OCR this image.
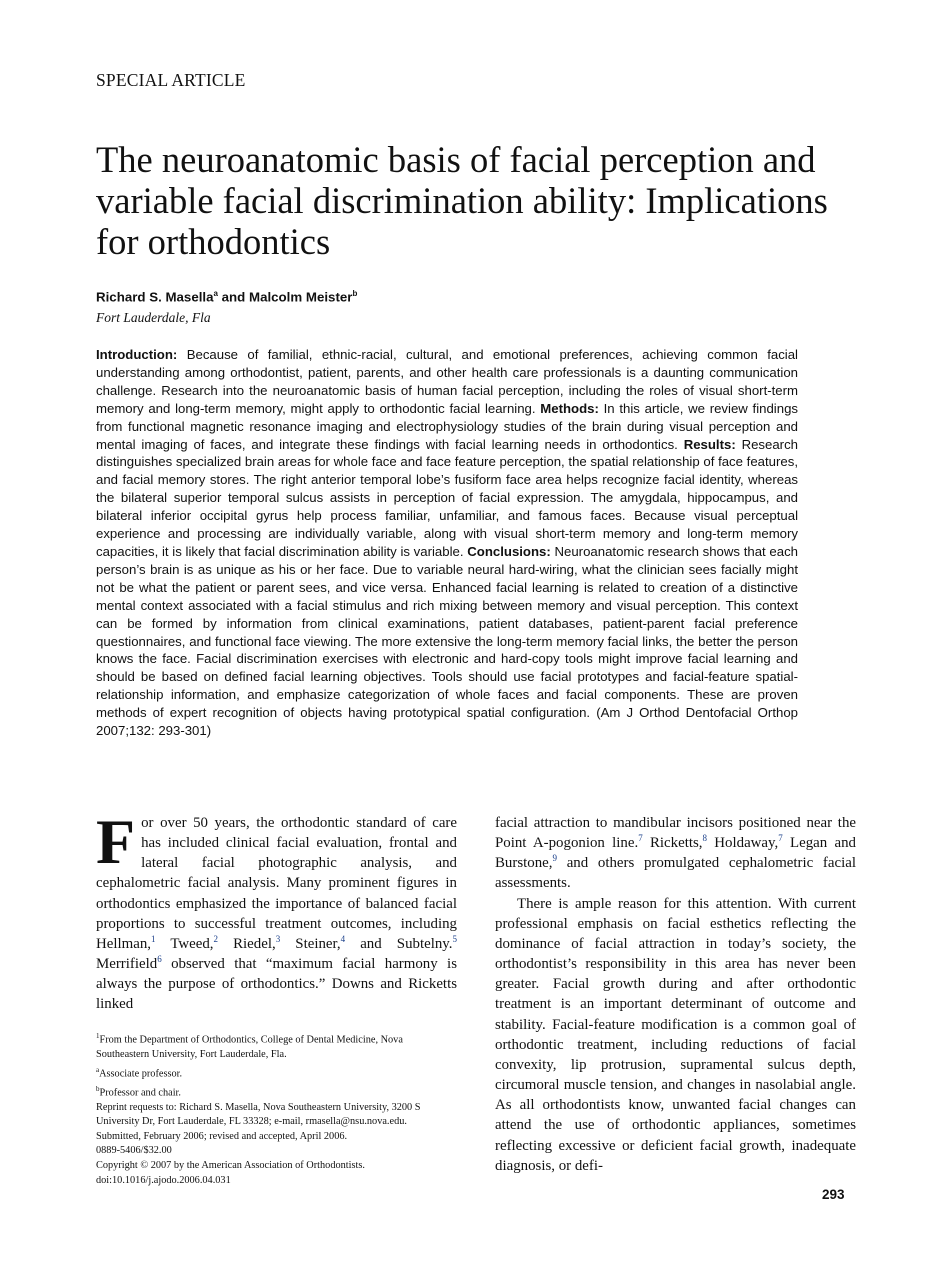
SPECIAL ARTICLE
The neuroanatomic basis of facial perception and variable facial discrimination ability: Implications for orthodontics
Richard S. Masella$^a$ and Malcolm Meister$^b$
Fort Lauderdale, Fla

Introduction: Because of familial, ethnic-racial, cultural, and emotional preferences, achieving common facial understanding among orthodontist, patient, parents, and other health care professionals is a daunting communication challenge. Research into the neuroanatomic basis of human facial perception, including the roles of visual short-term memory and long-term memory, might apply to orthodontic facial learning. Methods: In this article, we review findings from functional magnetic resonance imaging and electrophysiology studies of the brain during visual perception and mental imaging of faces, and integrate these findings with facial learning needs in orthodontics. Results: Research distinguishes specialized brain areas for whole face and face feature perception, the spatial relationship of face features, and facial memory stores. The right anterior temporal lobe’s fusiform face area helps recognize facial identity, whereas the bilateral superior temporal sulcus assists in perception of facial expression. The amygdala, hippocampus, and bilateral inferior occipital gyrus help process familiar, unfamiliar, and famous faces. Because visual perceptual experience and processing are individually variable, along with visual short-term memory and long-term memory capacities, it is likely that facial discrimination ability is variable. Conclusions: Neuroanatomic research shows that each person’s brain is as unique as his or her face. Due to variable neural hard-wiring, what the clinician sees facially might not be what the patient or parent sees, and vice versa. Enhanced facial learning is related to creation of a distinctive mental context associated with a facial stimulus and rich mixing between memory and visual perception. This context can be formed by information from clinical examinations, patient databases, patient-parent facial preference questionnaires, and functional face viewing. The more extensive the long-term memory facial links, the better the person knows the face. Facial discrimination exercises with electronic and hard-copy tools might improve facial learning and should be based on defined facial learning objectives. Tools should use facial prototypes and facial-feature spatial-relationship information, and emphasize categorization of whole faces and facial components. These are proven methods of expert recognition of objects having prototypical spatial configuration. (Am J Orthod Dentofacial Orthop 2007;132: 293-301)

For over 50 years, the orthodontic standard of care has included clinical facial evaluation, frontal and lateral facial photographic analysis, and cephalometric facial analysis. Many prominent figures in orthodontics emphasized the importance of balanced facial proportions to successful treatment outcomes, including Hellman,$^1$ Tweed,$^2$ Riedel,$^3$ Steiner,$^4$ and Subtelny.$^5$ Merrifield$^6$ observed that “maximum facial harmony is always the purpose of orthodontics.” Downs and Ricketts linked

$^1$From the Department of Orthodontics, College of Dental Medicine, Nova Southeastern University, Fort Lauderdale, Fla.
$^a$Associate professor.
$^b$Professor and chair.
Reprint requests to: Richard S. Masella, Nova Southeastern University, 3200 S University Dr, Fort Lauderdale, FL 33328; e-mail, rmasella@nsu.nova.edu.
Submitted, February 2006; revised and accepted, April 2006.
0889-5406/$32.00
Copyright © 2007 by the American Association of Orthodontists.
doi:10.1016/j.ajodo.2006.04.031

facial attraction to mandibular incisors positioned near the Point A-pogonion line.$^7$ Ricketts,$^8$ Holdaway,$^7$ Legan and Burstone,$^9$ and others promulgated cephalometric facial assessments.

There is ample reason for this attention. With current professional emphasis on facial esthetics reflecting the dominance of facial attraction in today’s society, the orthodontist’s responsibility in this area has never been greater. Facial growth during and after orthodontic treatment is an important determinant of outcome and stability. Facial-feature modification is a common goal of orthodontic treatment, including reductions of facial convexity, lip protrusion, supramental sulcus depth, circumoral muscle tension, and changes in nasolabial angle. As all orthodontists know, unwanted facial changes can attend the use of orthodontic appliances, sometimes reflecting excessive or deficient facial growth, inadequate diagnosis, or defi-

293
